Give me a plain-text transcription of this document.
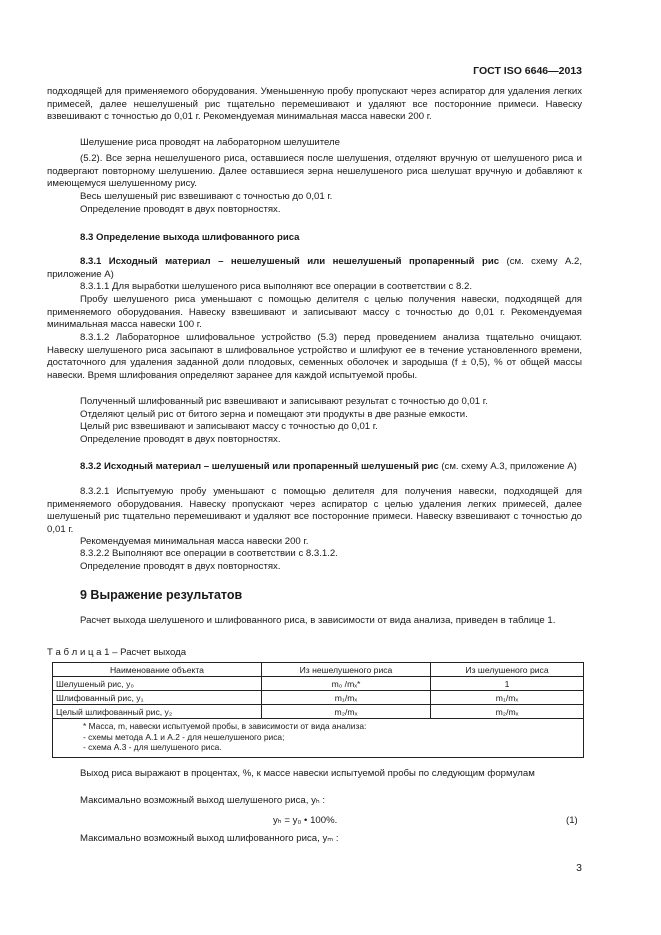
ГОСТ ISO 6646—2013
подходящей для применяемого оборудования. Уменьшенную пробу пропускают через аспиратор для удаления легких примесей, далее нешелушеный рис тщательно перемешивают и удаляют все посторонние примеси. Навеску взвешивают с точностью до 0,01 г. Рекомендуемая минимальная масса навески 200 г.
Шелушение риса проводят на лабораторном шелушителе
(5.2). Все зерна нешелушеного риса, оставшиеся после шелушения, отделяют вручную от шелушеного риса и подвергают повторному шелушению. Далее оставшиеся зерна нешелушеного риса шелушат вручную и добавляют к имеющемуся шелушенному рису.
Весь шелушеный рис взвешивают с точностью до 0,01 г.
Определение проводят в двух повторностях.
8.3 Определение выхода шлифованного риса
8.3.1 Исходный материал – нешелушеный или нешелушеный пропаренный рис (см. схему А.2, приложение А)
8.3.1.1 Для выработки шелушеного риса выполняют все операции в соответствии с 8.2.
Пробу шелушеного риса уменьшают с помощью делителя с целью получения навески, подходящей для применяемого оборудования. Навеску взвешивают и записывают массу с точностью до 0,01 г. Рекомендуемая минимальная масса навески 100 г.
8.3.1.2 Лабораторное шлифовальное устройство (5.3) перед проведением анализа тщательно очищают. Навеску шелушеного риса засыпают в шлифовальное устройство и шлифуют ее в течение установленного времени, достаточного для удаления заданной доли плодовых, семенных оболочек и зародыша (f ± 0,5), % от общей массы навески. Время шлифования определяют заранее для каждой испытуемой пробы.
Полученный шлифованный рис взвешивают и записывают результат с точностью до 0,01 г.
Отделяют целый рис от битого зерна и помещают эти продукты в две разные емкости.
Целый рис взвешивают и записывают массу с точностью до 0,01 г.
Определение проводят в двух повторностях.
8.3.2 Исходный материал – шелушеный или пропаренный шелушеный рис (см. схему А.3, приложение А)
8.3.2.1 Испытуемую пробу уменьшают с помощью делителя для получения навески, подходящей для применяемого оборудования. Навеску пропускают через аспиратор с целью удаления легких примесей, далее шелушеный рис тщательно перемешивают и удаляют все посторонние примеси. Навеску взвешивают с точностью до 0,01 г.
Рекомендуемая минимальная масса навески 200 г.
8.3.2.2 Выполняют все операции в соответствии с 8.3.1.2.
Определение проводят в двух повторностях.
9 Выражение результатов
Расчет выхода шелушеного и шлифованного риса, в зависимости от вида анализа, приведен в таблице 1.
Т а б л и ц а 1 – Расчет выхода
Наименование объекта	Из нешелушеного риса	Из шелушеного риса
Шелушеный рис, y₀	m₀ /mₓ*	1
Шлифованный рис, y₁	m₁/mₓ	m₁/mₓ
Целый шлифованный рис, y₂	m₂/mₓ	m₂/mₓ

* Масса, m, навески испытуемой пробы, в зависимости от вида анализа:
- схемы метода А.1 и А.2 - для нешелушеного риса;
- схема А.3 - для шелушеного риса.		
Выход риса выражают в процентах, %, к массе навески испытуемой пробы по следующим формулам
Максимально возможный выход шелушеного риса, yₕ :
yₕ = y₀ • 100%.	(1)
Максимально возможный выход шлифованного риса, yₘ :
3
